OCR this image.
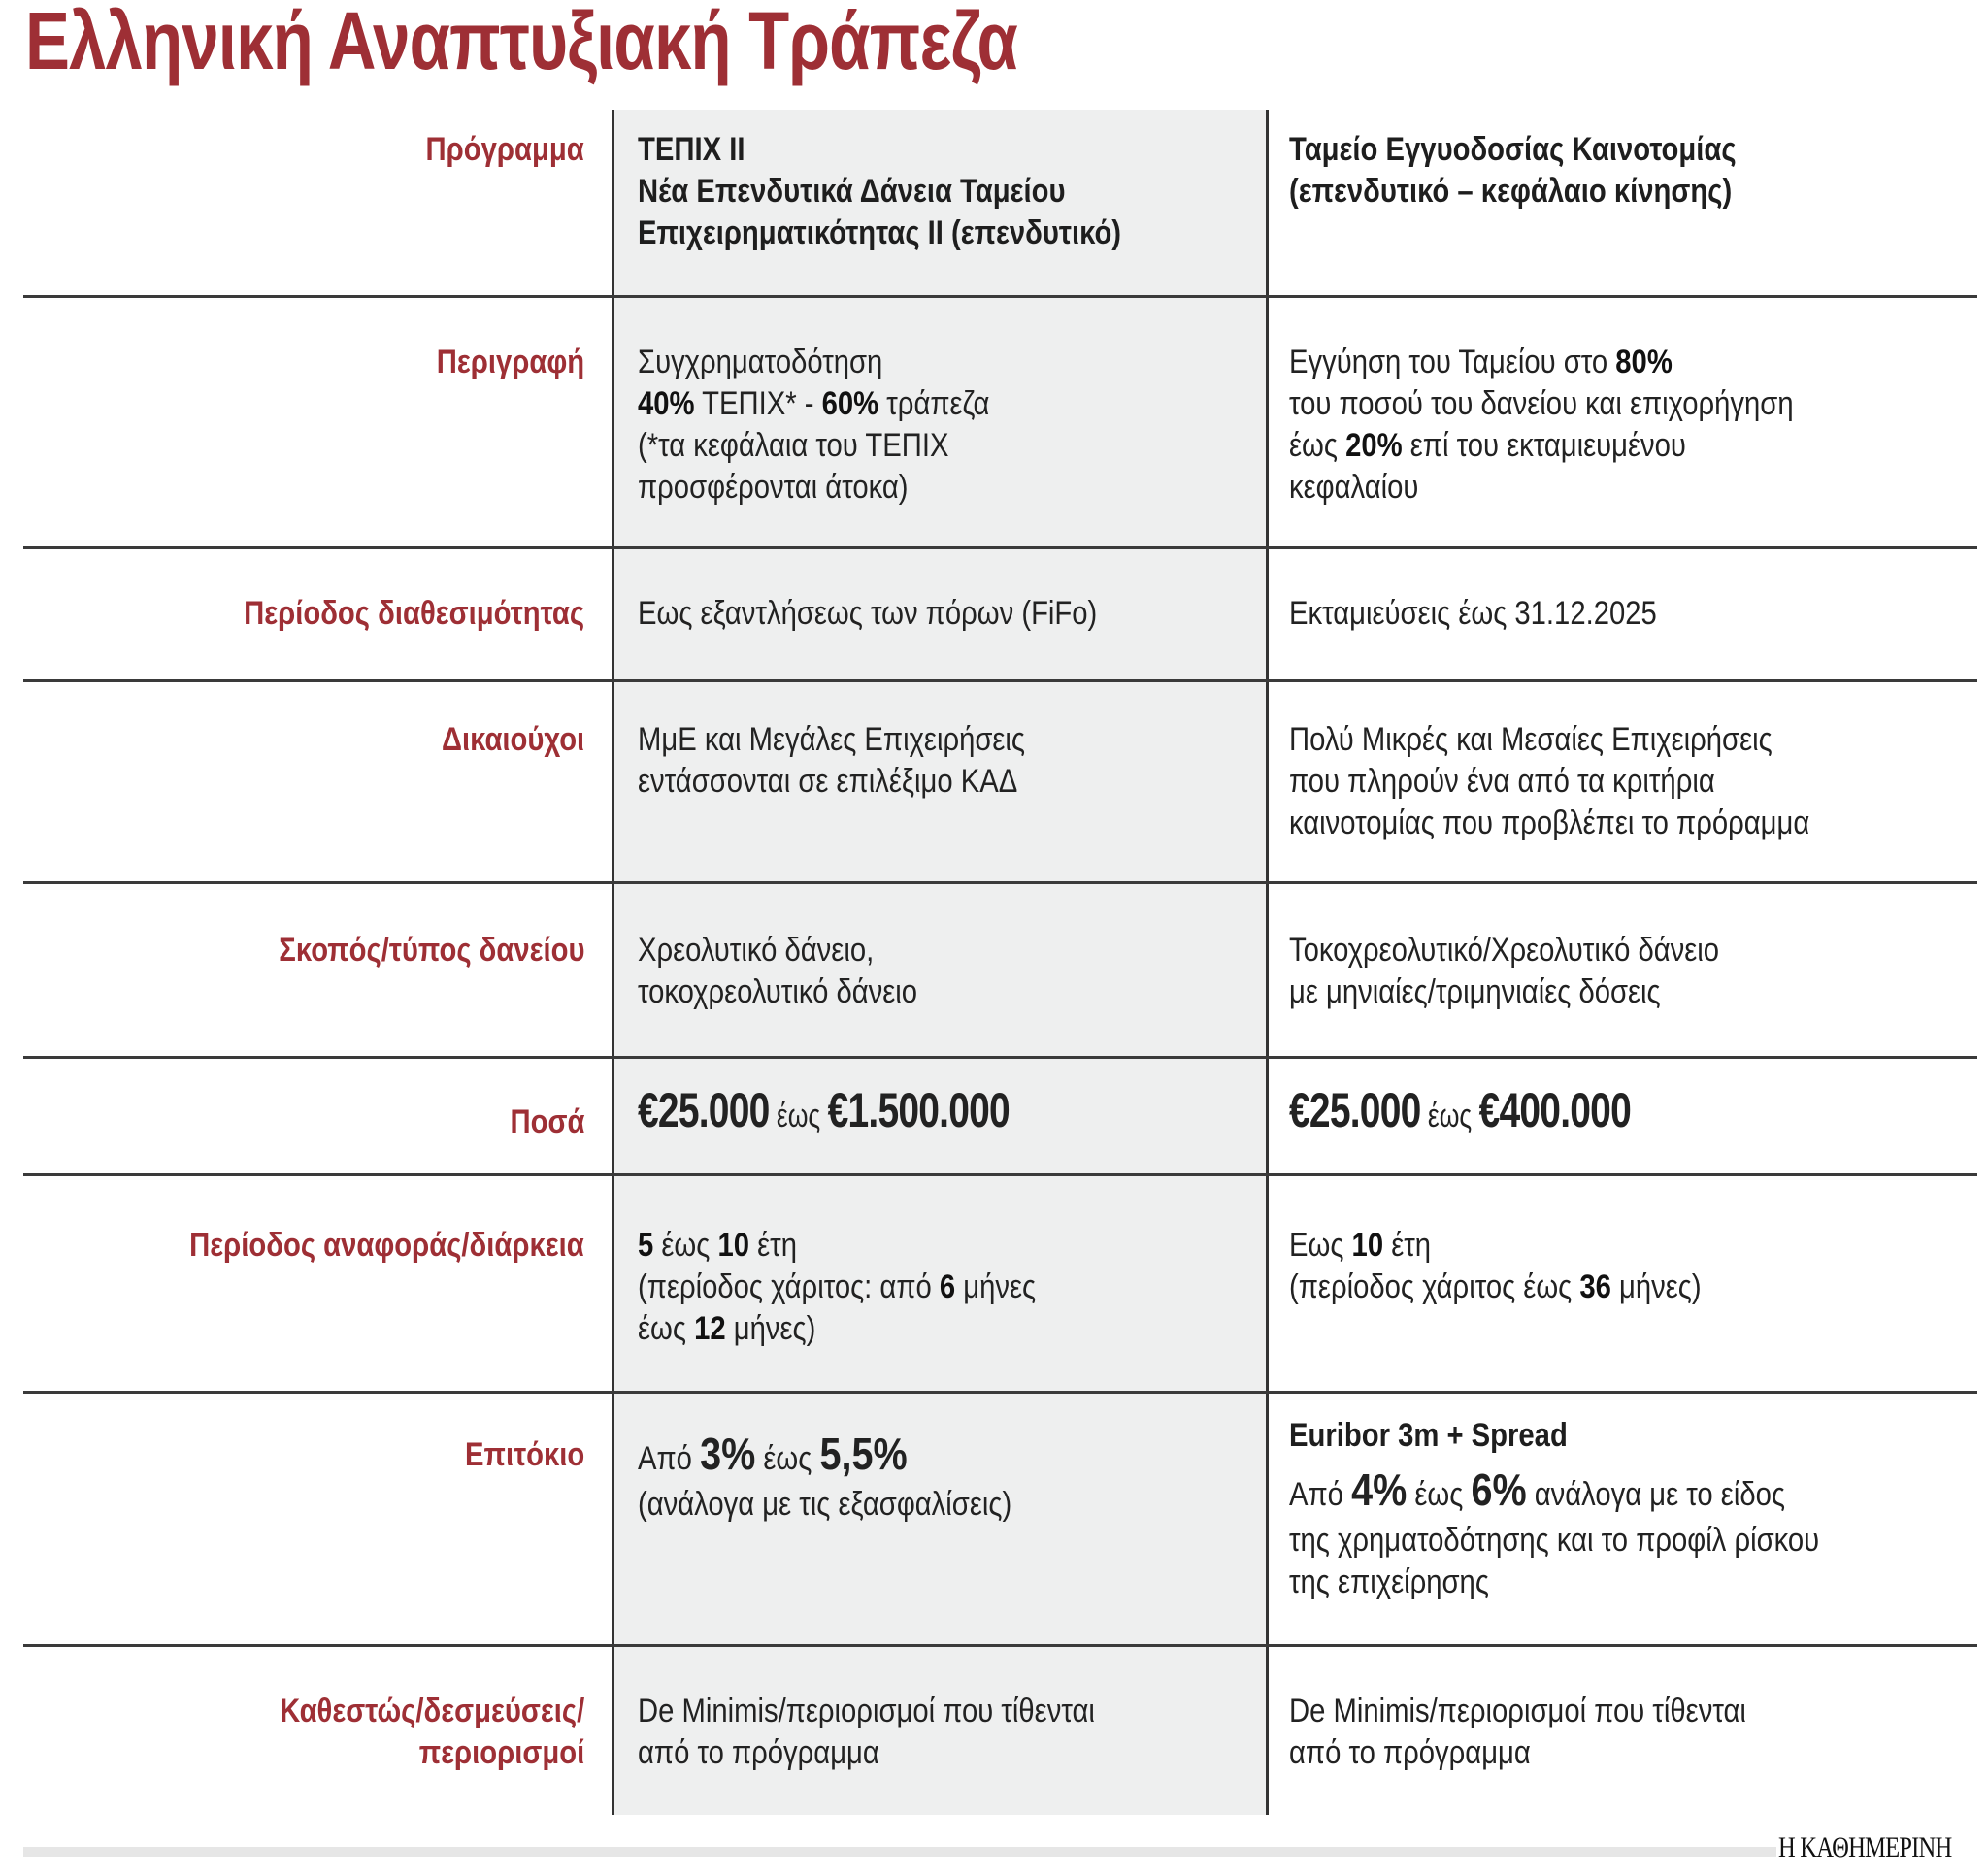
Ελληνική Αναπτυξιακή Τράπεζα
Πρόγραμμα ΤΕΠΙΧ ΙΙ
Νέα Επενδυτικά Δάνεια Ταμείου
Επιχειρηματικότητας ΙΙ (επενδυτικό)
Ταμείο Εγγυοδοσίας Καινοτομίας
(επενδυτικό – κεφάλαιο κίνησης)
Περιγραφή Συγχρηματοδότηση
40% ΤΕΠΙΧ* - 60% τράπεζα
(*τα κεφάλαια του ΤΕΠΙΧ
προσφέρονται άτοκα)
Εγγύηση του Ταμείου στο 80%
του ποσού του δανείου και επιχορήγηση
έως 20% επί του εκταμιευμένου
κεφαλαίου
Περίοδος διαθεσιμότητας Εως εξαντλήσεως των πόρων (FiFo)	Εκταμιεύσεις έως 31.12.2025
Δικαιούχοι ΜμΕ και Μεγάλες Επιχειρήσεις
εντάσσονται σε επιλέξιμο ΚΑΔ
Πολύ Μικρές και Μεσαίες Επιχειρήσεις
που πληρούν ένα από τα κριτήρια
καινοτομίας που προβλέπει το πρόραμμα
Σκοπός/τύπος δανείου Χρεολυτικό δάνειο,
τοκοχρεολυτικό δάνειο
Τοκοχρεολυτικό/Χρεολυτικό δάνειο
με μηνιαίες/τριμηνιαίες δόσεις
Ποσά €25.000 έως €1.500.000	€25.000 έως €400.000
Περίοδος αναφοράς/διάρκεια 5 έως 10 έτη
(περίοδος χάριτος: από 6 μήνες
έως 12 μήνες)
Εως 10 έτη
(περίοδος χάριτος έως 36 μήνες)
Επιτόκιο Από 3% έως 5,5%
(ανάλογα με τις εξασφαλίσεις)
Euribor 3m + Spread
Από 4% έως 6% ανάλογα με το είδος
της χρηματοδότησης και το προφίλ ρίσκου
της επιχείρησης
Καθεστώς/δεσμεύσεις/
περιορισμοί
De Minimis/περιορισμοί που τίθενται
από το πρόγραμμα
De Minimis/περιορισμοί που τίθενται
από το πρόγραμμα
Η ΚΑΘΗΜΕΡΙΝΗ
